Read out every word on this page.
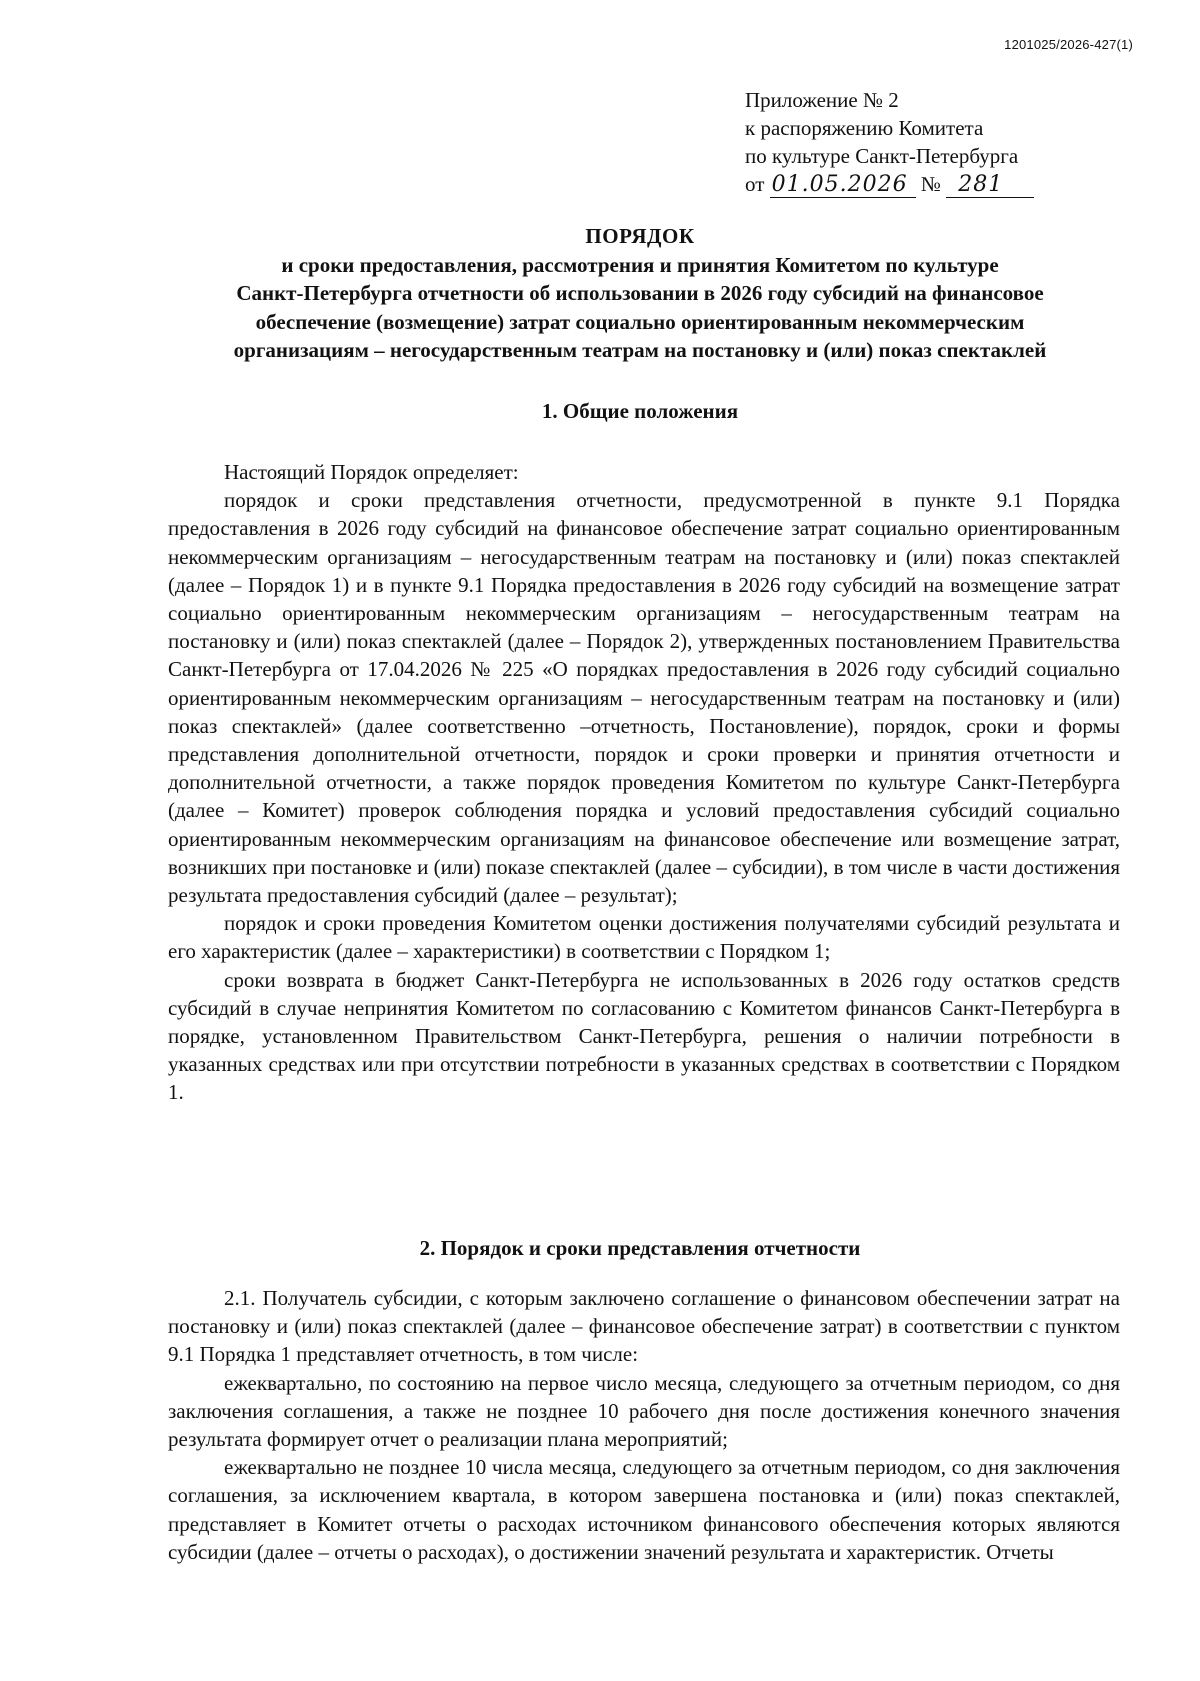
1201025/2026-427(1)
Приложение № 2
к распоряжению Комитета
по культуре Санкт-Петербурга
от 01.05.2026 № 281
ПОРЯДОК
и сроки предоставления, рассмотрения и принятия Комитетом по культуре
Санкт-Петербурга отчетности об использовании в 2026 году субсидий на финансовое
обеспечение (возмещение) затрат социально ориентированным некоммерческим
организациям – негосударственным театрам на постановку и (или) показ спектаклей
1. Общие положения

Настоящий Порядок определяет:

порядок и сроки представления отчетности, предусмотренной в пункте 9.1 Порядка предоставления в 2026 году субсидий на финансовое обеспечение затрат социально ориентированным некоммерческим организациям – негосударственным театрам на постановку и (или) показ спектаклей (далее – Порядок 1) и в пункте 9.1 Порядка предоставления в 2026 году субсидий на возмещение затрат социально ориентированным некоммерческим организациям – негосударственным театрам на постановку и (или) показ спектаклей (далее – Порядок 2), утвержденных постановлением Правительства Санкт-Петербурга от 17.04.2026 № 225 «О порядках предоставления в 2026 году субсидий социально ориентированным некоммерческим организациям – негосударственным театрам на постановку и (или) показ спектаклей» (далее соответственно –отчетность, Постановление), порядок, сроки и формы представления дополнительной отчетности, порядок и сроки проверки и принятия отчетности и дополнительной отчетности, а также порядок проведения Комитетом по культуре Санкт-Петербурга (далее – Комитет) проверок соблюдения порядка и условий предоставления субсидий социально ориентированным некоммерческим организациям на финансовое обеспечение или возмещение затрат, возникших при постановке и (или) показе спектаклей (далее – субсидии), в том числе в части достижения результата предоставления субсидий (далее – результат);

порядок и сроки проведения Комитетом оценки достижения получателями субсидий результата и его характеристик (далее – характеристики) в соответствии с Порядком 1;

сроки возврата в бюджет Санкт-Петербурга не использованных в 2026 году остатков средств субсидий в случае непринятия Комитетом по согласованию с Комитетом финансов Санкт-Петербурга в порядке, установленном Правительством Санкт-Петербурга, решения о наличии потребности в указанных средствах или при отсутствии потребности в указанных средствах в соответствии с Порядком 1.

2. Порядок и сроки представления отчетности

2.1. Получатель субсидии, с которым заключено соглашение о финансовом обеспечении затрат на постановку и (или) показ спектаклей (далее – финансовое обеспечение затрат) в соответствии с пунктом 9.1 Порядка 1 представляет отчетность, в том числе:

ежеквартально, по состоянию на первое число месяца, следующего за отчетным периодом, со дня заключения соглашения, а также не позднее 10 рабочего дня после достижения конечного значения результата формирует отчет о реализации плана мероприятий;

ежеквартально не позднее 10 числа месяца, следующего за отчетным периодом, со дня заключения соглашения, за исключением квартала, в котором завершена постановка и (или) показ спектаклей, представляет в Комитет отчеты о расходах источником финансового обеспечения которых являются субсидии (далее – отчеты о расходах), о достижении значений результата и характеристик. Отчеты
